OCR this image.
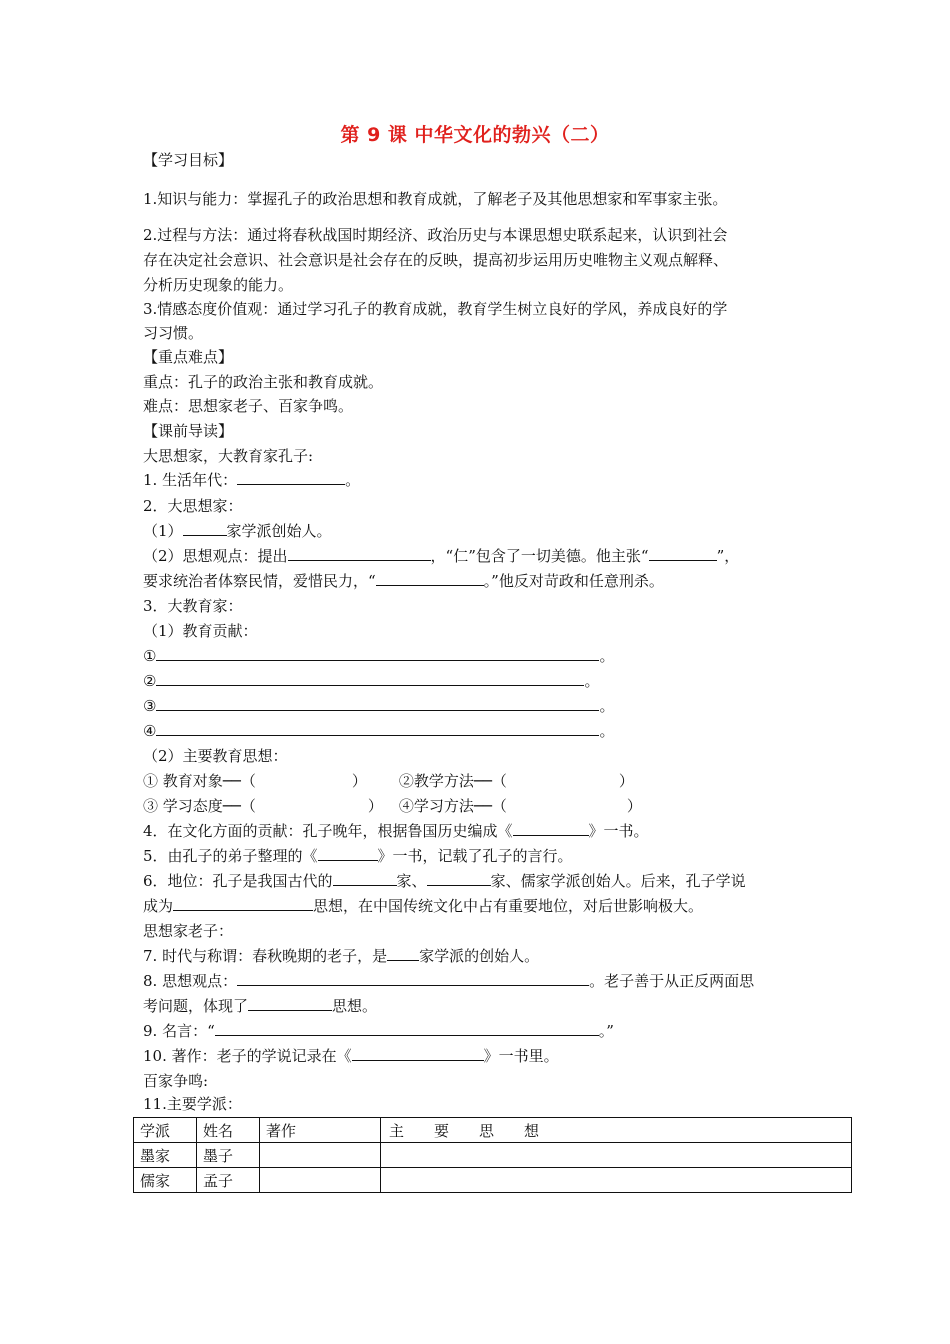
第 9 课 中华文化的勃兴（二）
【学习目标】
1.知识与能力：掌握孔子的政治思想和教育成就，了解老子及其他思想家和军事家主张。
2.过程与方法：通过将春秋战国时期经济、政治历史与本课思想史联系起来，认识到社会
存在决定社会意识、社会意识是社会存在的反映，提高初步运用历史唯物主义观点解释、
分析历史现象的能力。
3.情感态度价值观：通过学习孔子的教育成就，教育学生树立良好的学风，养成良好的学
习习惯。
【重点难点】
重点：孔子的政治主张和教育成就。
难点：思想家老子、百家争鸣。
【课前导读】
大思想家，大教育家孔子:
1. 生活年代：	。
2．大思想家：
（1）	家学派创始人。
（2）思想观点：提出	，“仁”包含了一切美德。他主张“	”，
要求统治者体察民情，爱惜民力，“	。”他反对苛政和任意刑杀。
3．大教育家：
（1）教育贡献：
①	。
②	。
③	。
④	。
（2）主要教育思想：
① 教育对象──（	） ②教学方法──（	）
③ 学习态度──（	） ④学习方法──（	）
4．在文化方面的贡献：孔子晚年，根据鲁国历史编成《	》一书。
5．由孔子的弟子整理的《	》一书，记载了孔子的言行。
6．地位：孔子是我国古代的	家、	家、儒家学派创始人。后来，孔子学说
成为	思想，在中国传统文化中占有重要地位，对后世影响极大。
思想家老子：
7. 时代与称谓：春秋晚期的老子，是 家学派的创始人。
8. 思想观点：	。老子善于从正反两面思
考问题，体现了	思想。
9. 名言：“	。”
10. 著作：老子的学说记录在《	》一书里。
百家争鸣:
11.主要学派：
学派	姓名	著作	主　　要　　思　　想
墨家	墨子		
儒家	孟子		
